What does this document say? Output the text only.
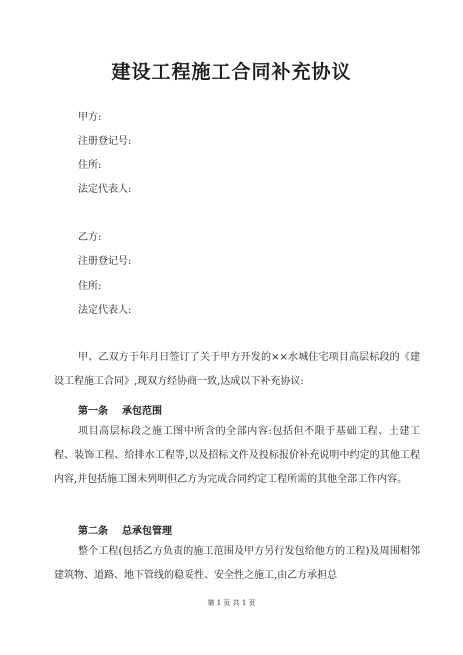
建设工程施工合同补充协议
甲方:
注册登记号:
住所:
法定代表人:
乙方:
注册登记号:
住所:
法定代表人:

甲、乙双方于年月日签订了关于甲方开发的××水城住宅项目高层标段的《建设工程施工合同》,现双方经协商一致,达成以下补充协议:

第一条 承包范围

项目高层标段之施工图中所含的全部内容:包括但不限于基础工程、土建工程、装饰工程、给排水工程等,以及招标文件及投标报价补充说明中约定的其他工程内容,并包括施工图未列明但乙方为完成合同约定工程所需的其他全部工作内容。

第二条 总承包管理

整个工程(包括乙方负责的施工范围及甲方另行发包给他方的工程)及周围相邻建筑物、道路、地下管线的稳妥性、安全性之施工,由乙方承担总

第 1 页 共 1 页
